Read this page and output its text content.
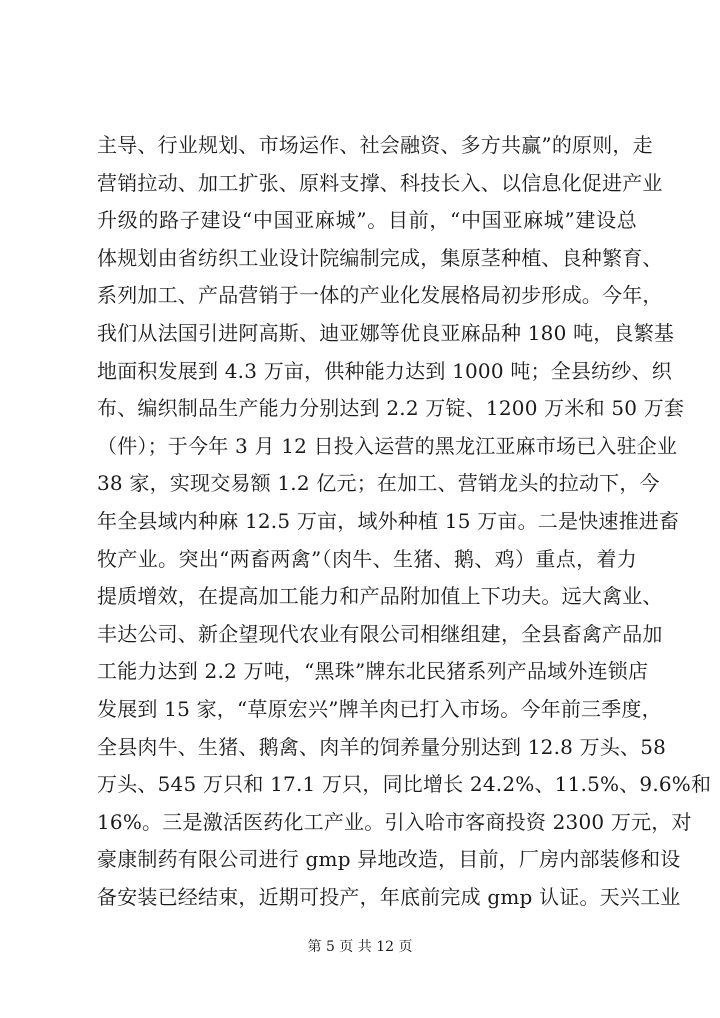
主导、行业规划、市场运作、社会融资、多方共赢”的原则，走
营销拉动、加工扩张、原料支撑、科技长入、以信息化促进产业
升级的路子建设“中国亚麻城”。目前，“中国亚麻城”建设总
体规划由省纺织工业设计院编制完成，集原茎种植、良种繁育、
系列加工、产品营销于一体的产业化发展格局初步形成。今年，
我们从法国引进阿高斯、迪亚娜等优良亚麻品种 180 吨，良繁基
地面积发展到 4.3 万亩，供种能力达到 1000 吨；全县纺纱、织
布、编织制品生产能力分别达到 2.2 万锭、1200 万米和 50 万套
（件）；于今年 3 月 12 日投入运营的黑龙江亚麻市场已入驻企业
38 家，实现交易额 1.2 亿元；在加工、营销龙头的拉动下，今
年全县域内种麻 12.5 万亩，域外种植 15 万亩。二是快速推进畜
牧产业。突出“两畜两禽”（肉牛、生猪、鹅、鸡）重点，着力
提质增效，在提高加工能力和产品附加值上下功夫。远大禽业、
丰达公司、新企望现代农业有限公司相继组建，全县畜禽产品加
工能力达到 2.2 万吨，“黑珠”牌东北民猪系列产品域外连锁店
发展到 15 家，“草原宏兴”牌羊肉已打入市场。今年前三季度，
全县肉牛、生猪、鹅禽、肉羊的饲养量分别达到 12.8 万头、58
万头、545 万只和 17.1 万只，同比增长 24.2%、11.5%、9.6%和
16%。三是激活医药化工产业。引入哈市客商投资 2300 万元，对
豪康制药有限公司进行 gmp 异地改造，目前，厂房内部装修和设
备安装已经结束，近期可投产，年底前完成 gmp 认证。天兴工业
第 5 页 共 12 页
